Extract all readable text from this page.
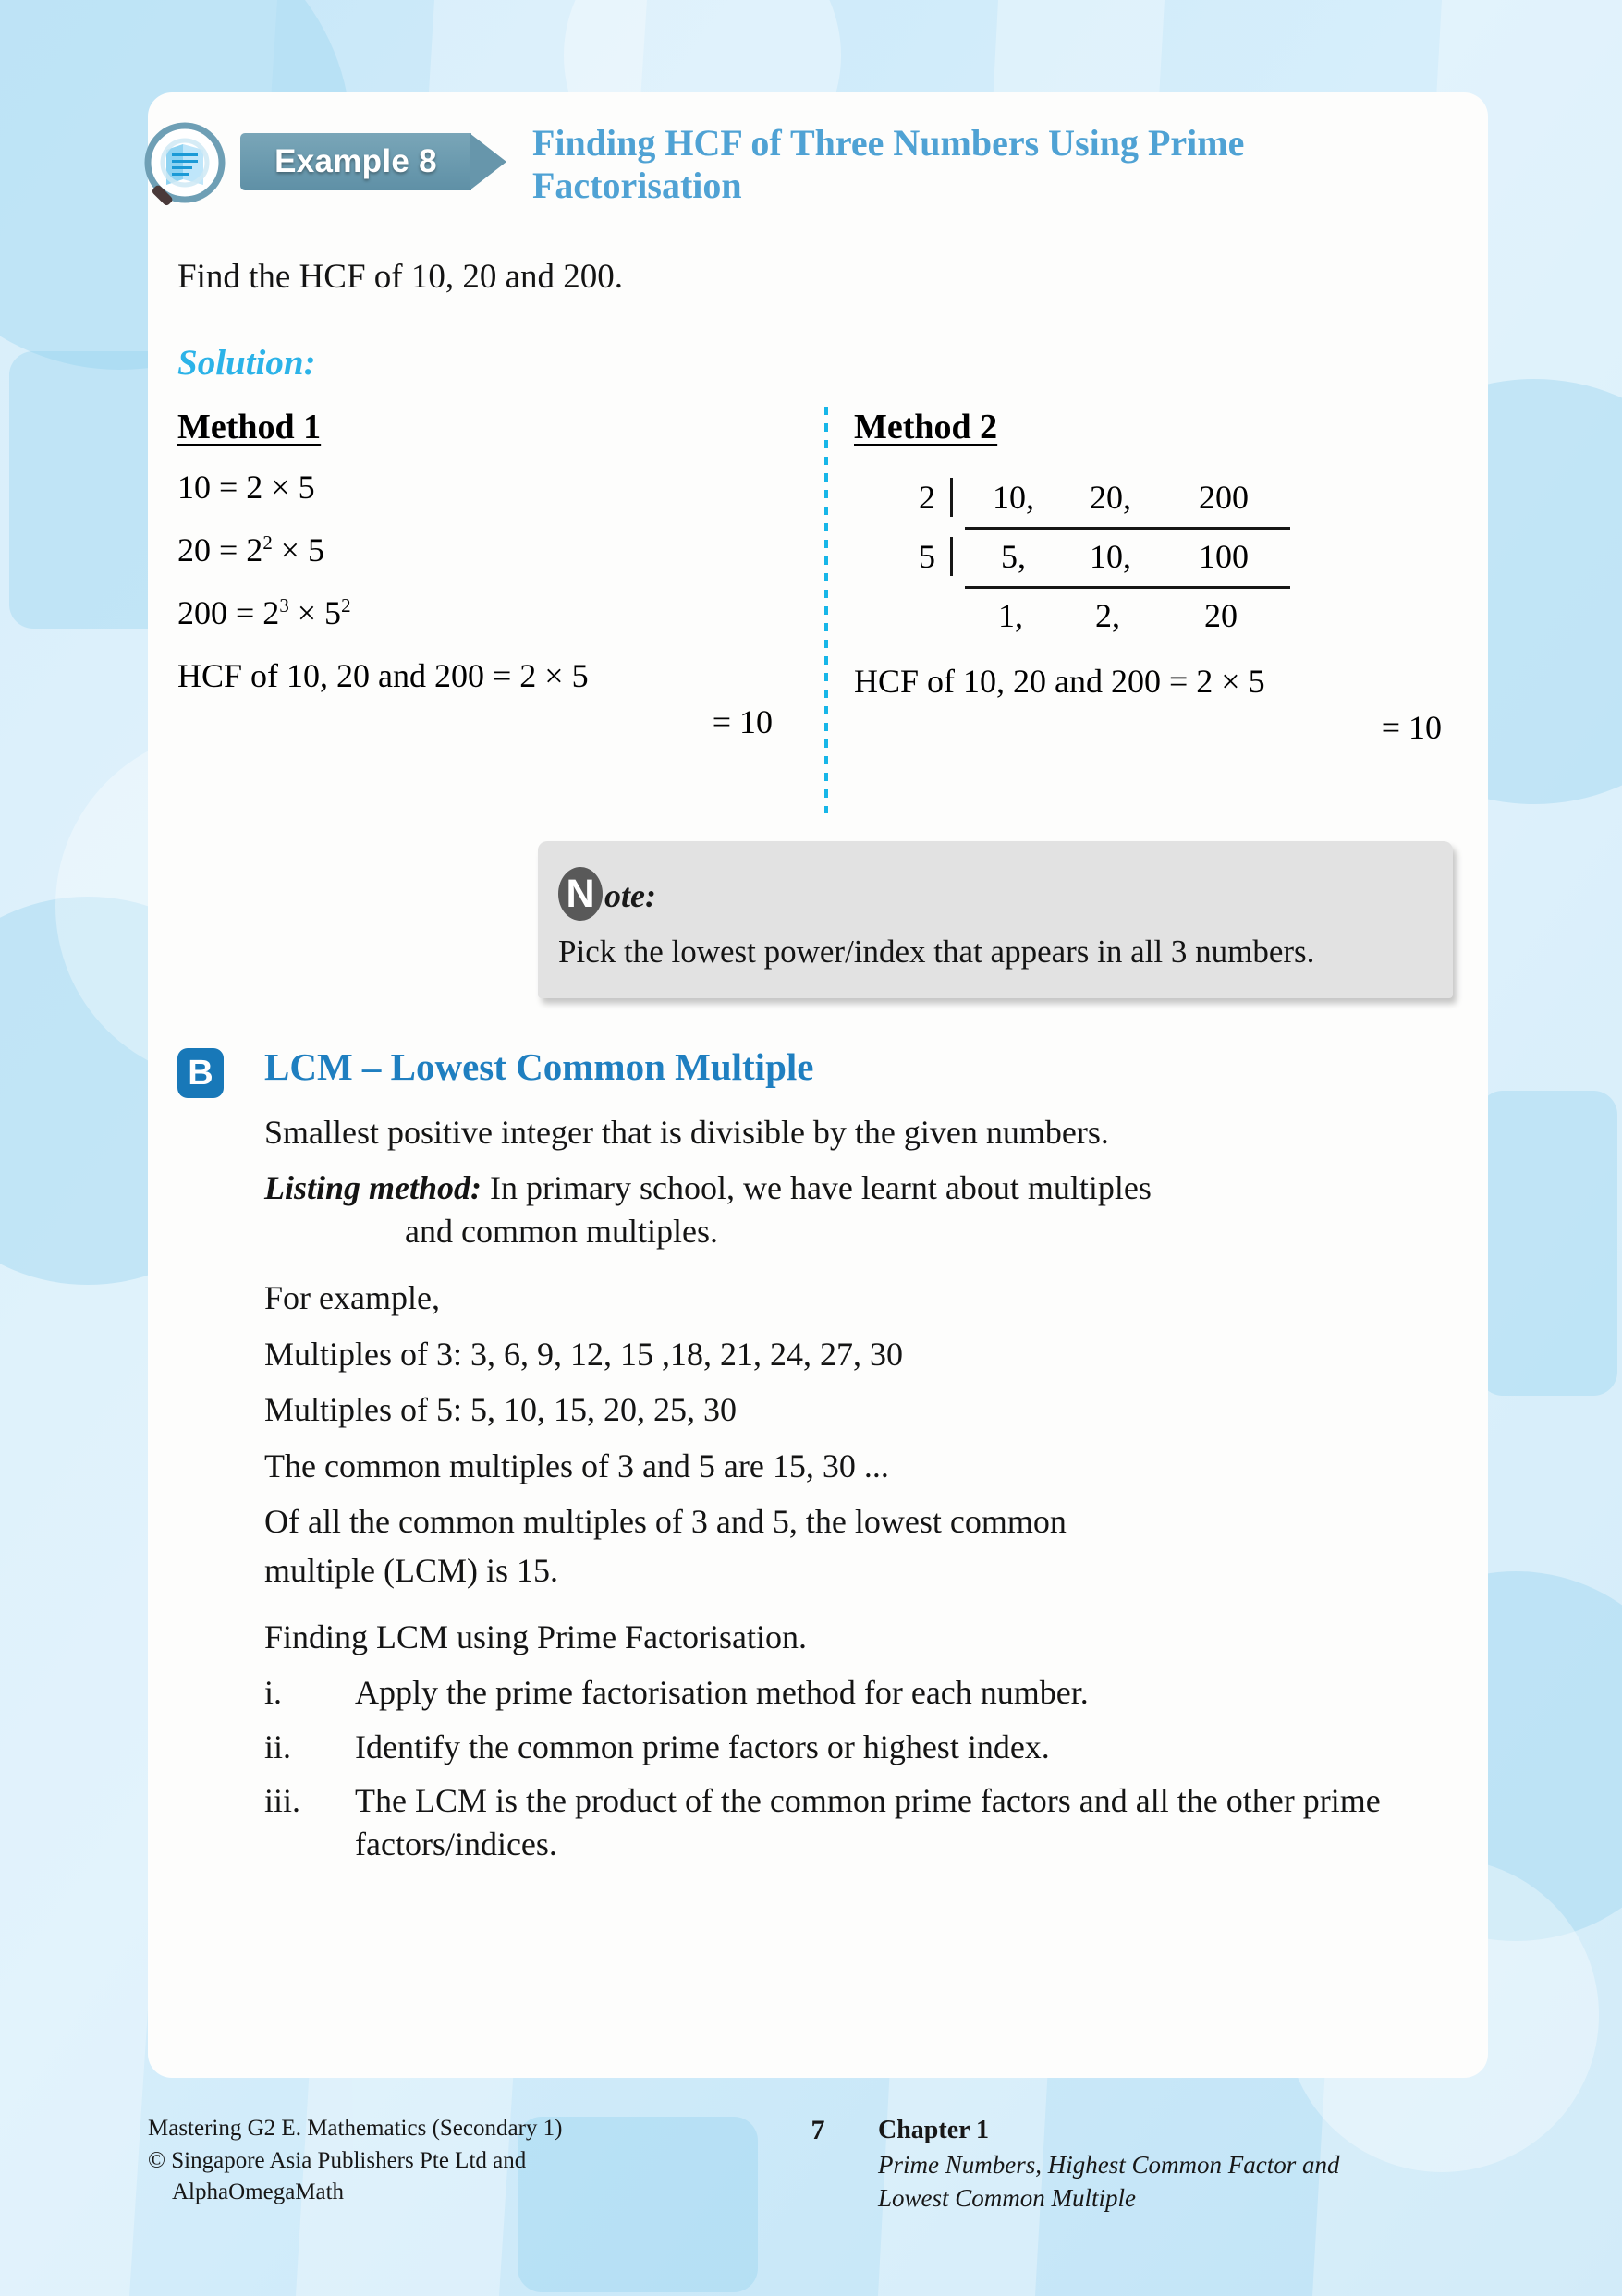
Example 8	Finding HCF of Three Numbers Using Prime Factorisation
Find the HCF of 10, 20 and 200.
Solution:
Method 1
10 = 2 × 5
$20 = 2^2 \times 5$
$200 = 2^3 \times 5^2$
HCF of 10, 20 and 200 = 2 × 5
= 10
Method 2
2	10,	20,	200
5	5,	10,	100
1,	2,	20
HCF of 10, 20 and 200 = 2 × 5
= 10
N ote:
Pick the lowest power/index that appears in all 3 numbers.
B LCM – Lowest Common Multiple
Smallest positive integer that is divisible by the given numbers.
Listing method: In primary school, we have learnt about multiples
and common multiples.
For example,
Multiples of 3: 3, 6, 9, 12, 15 ,18, 21, 24, 27, 30
Multiples of 5: 5, 10, 15, 20, 25, 30
The common multiples of 3 and 5 are 15, 30 ...
Of all the common multiples of 3 and 5, the lowest common
multiple (LCM) is 15.
Finding LCM using Prime Factorisation.
i.	Apply the prime factorisation method for each number.
ii.	Identify the common prime factors or highest index.
iii.	The LCM is the product of the common prime factors and all the other prime factors/indices.
Mastering G2 E. Mathematics (Secondary 1)
© Singapore Asia Publishers Pte Ltd and
AlphaOmegaMath
7	Chapter 1
Prime Numbers, Highest Common Factor and
Lowest Common Multiple
